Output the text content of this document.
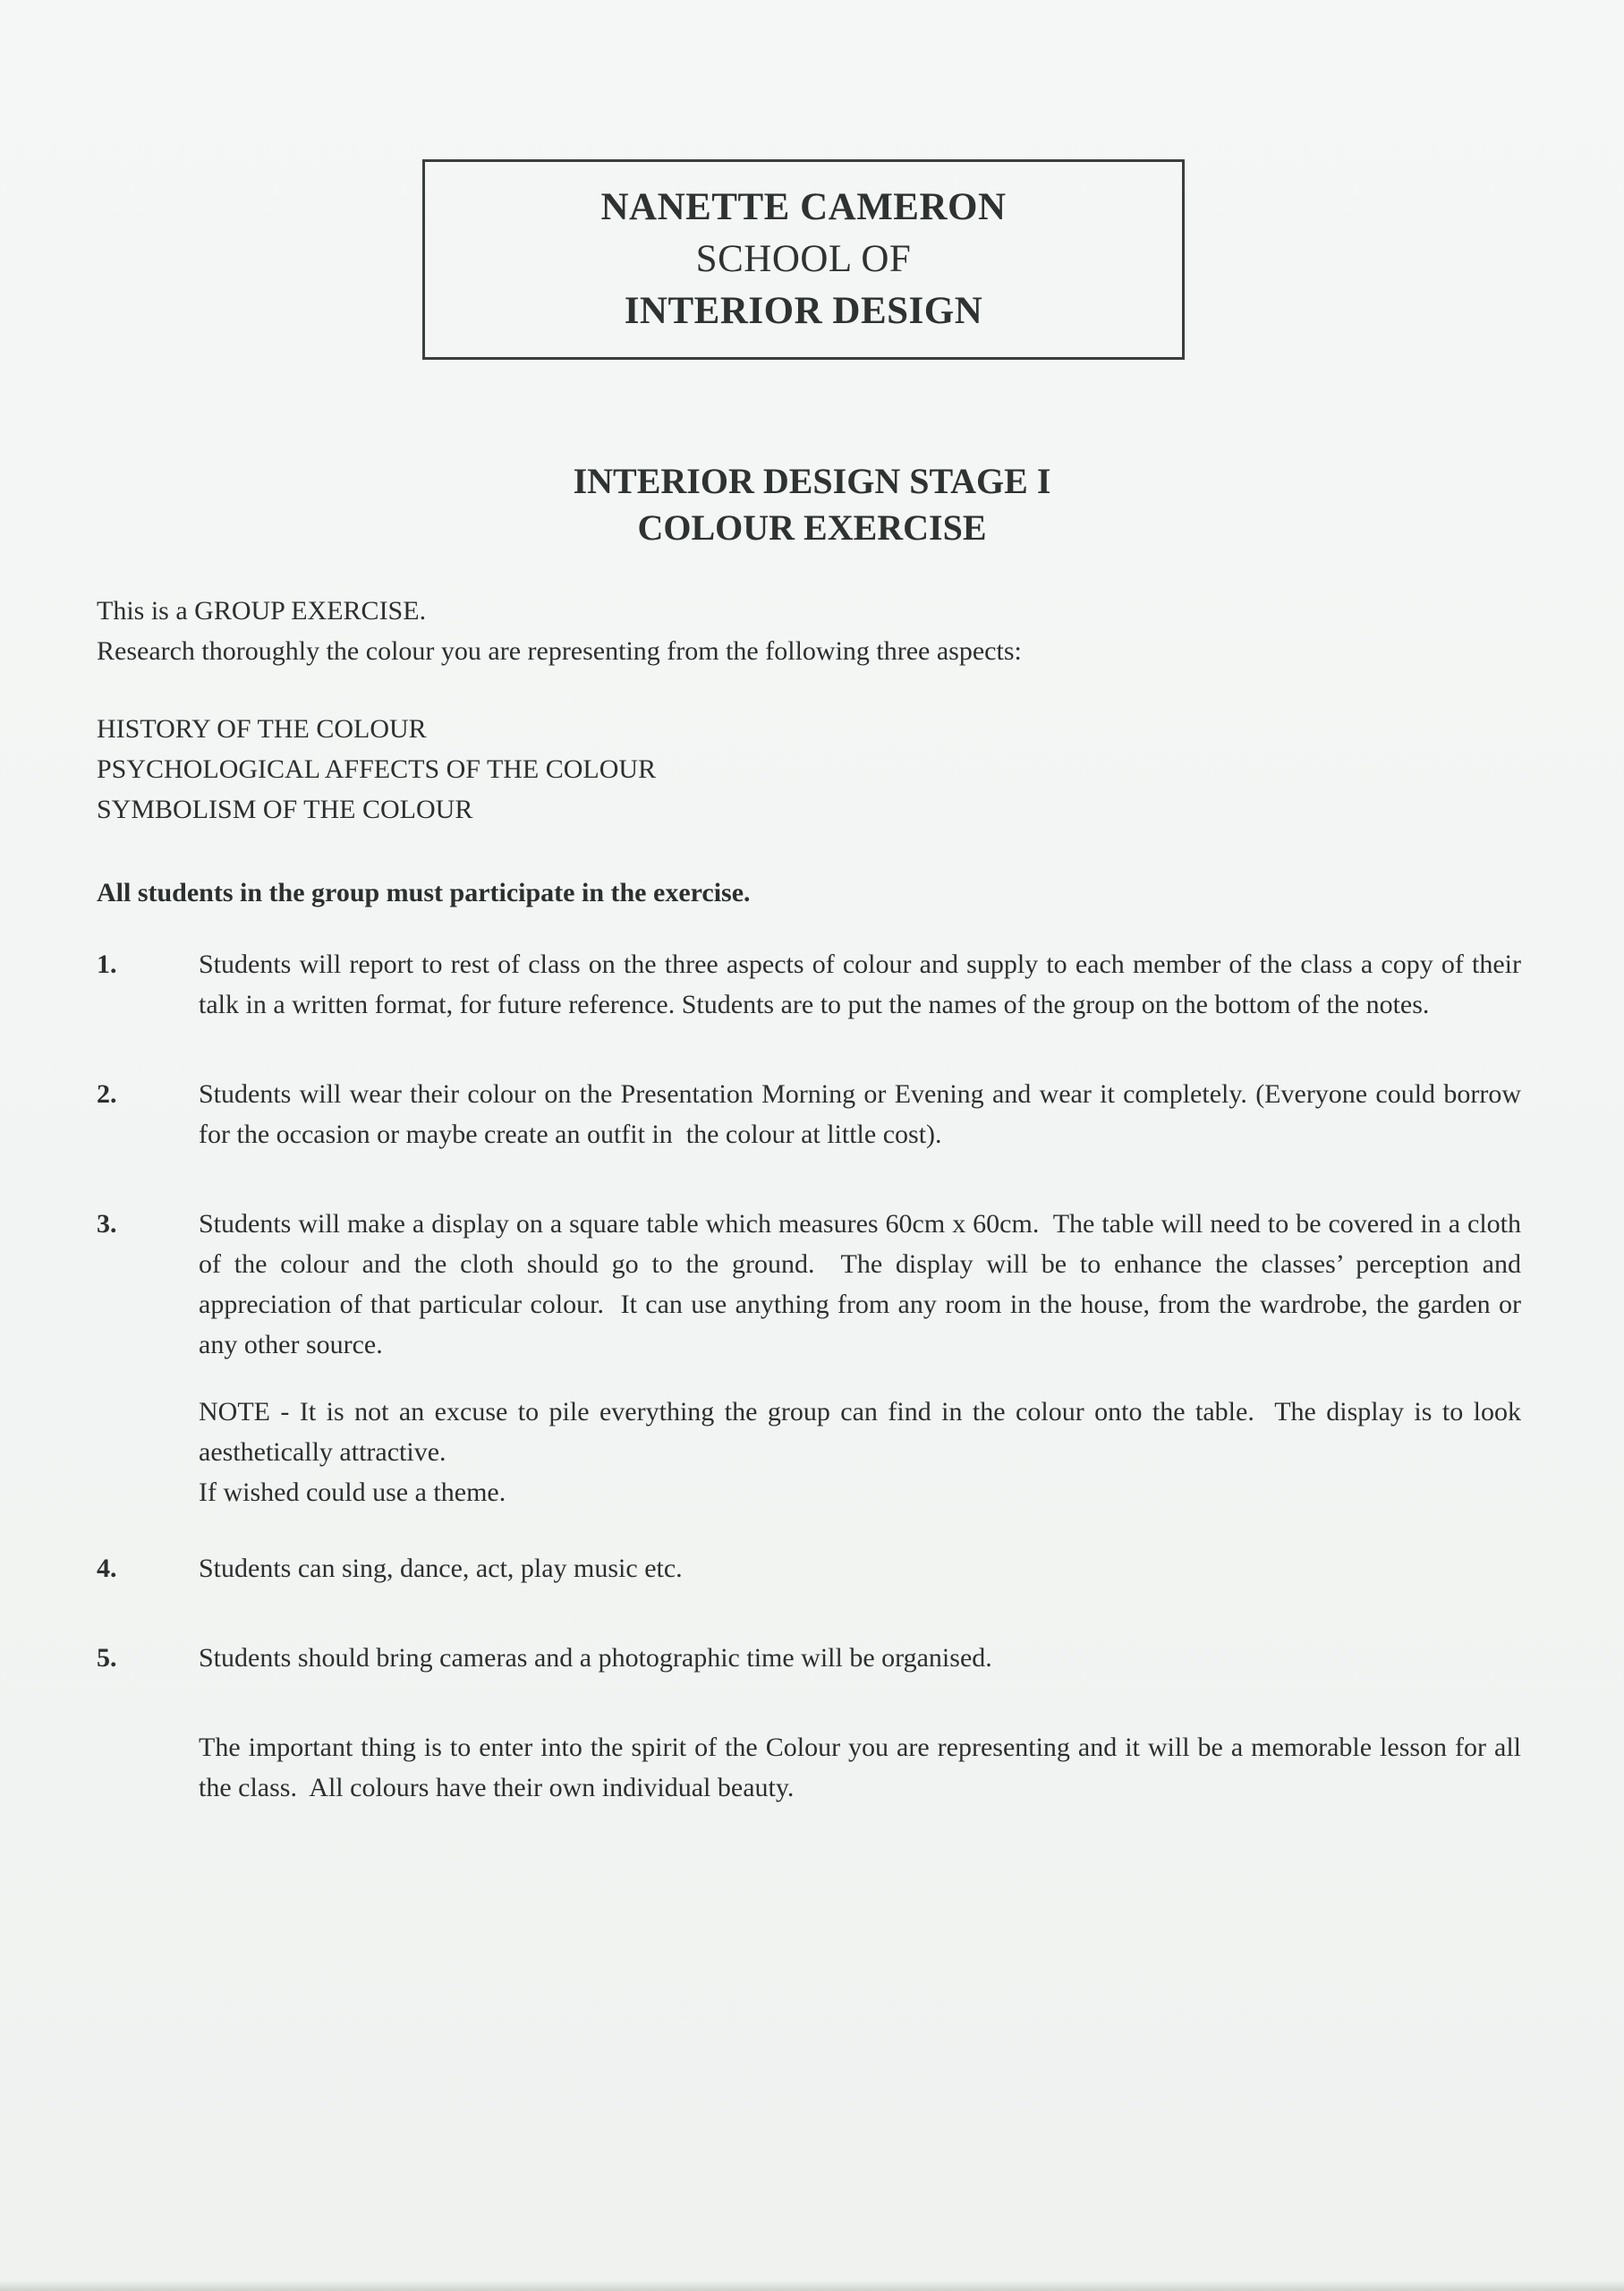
NANETTE CAMERON
SCHOOL OF
INTERIOR DESIGN
INTERIOR DESIGN STAGE I
COLOUR EXERCISE
This is a GROUP EXERCISE.
Research thoroughly the colour you are representing from the following three aspects:
HISTORY OF THE COLOUR
PSYCHOLOGICAL AFFECTS OF THE COLOUR
SYMBOLISM OF THE COLOUR
All students in the group must participate in the exercise.
1.	Students will report to rest of class on the three aspects of colour and supply to each member of the class a copy of their talk in a written format, for future reference. Students are to put the names of the group on the bottom of the notes.
2.	Students will wear their colour on the Presentation Morning or Evening and wear it completely. (Everyone could borrow for the occasion or maybe create an outfit in  the colour at little cost).
3.	Students will make a display on a square table which measures 60cm x 60cm.  The table will need to be covered in a cloth of the colour and the cloth should go to the ground.  The display will be to enhance the classes’ perception and appreciation of that particular colour.  It can use anything from any room in the house, from the wardrobe, the garden or any other source.
NOTE - It is not an excuse to pile everything the group can find in the colour onto the table.  The display is to look aesthetically attractive.
If wished could use a theme.
4.	Students can sing, dance, act, play music etc.
5.	Students should bring cameras and a photographic time will be organised.
The important thing is to enter into the spirit of the Colour you are representing and it will be a memorable lesson for all the class.  All colours have their own individual beauty.
